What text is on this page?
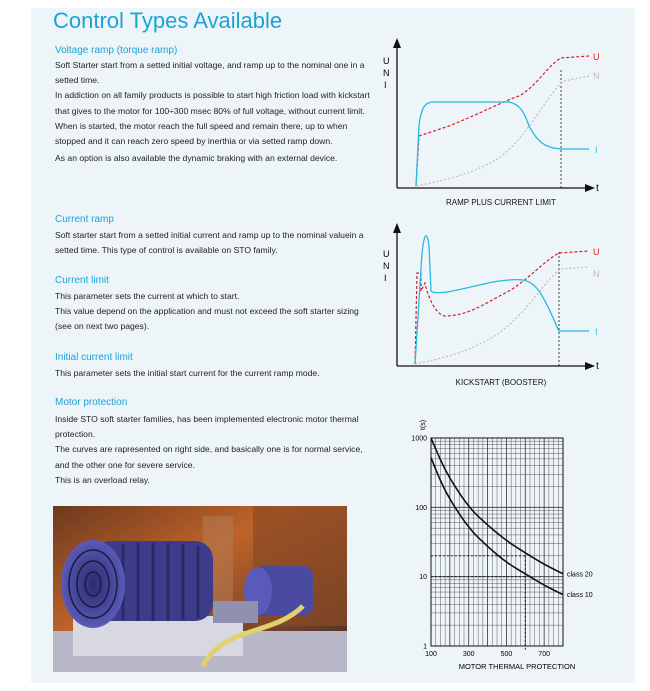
Control Types Available
Voltage ramp (torque ramp)

Soft Starter start from a setted initial voltage, and ramp up to the nominal one in a setted time.

In addiction on all family products is possible to start high friction load with kickstart that gives to the motor for 100÷300 msec 80% of full voltage, without current limit.

When is started, the motor reach the full speed and remain there, up to when stopped and it can reach zero speed by inerthia or via setted ramp down.

As an option is also available the dynamic braking with an external device.

Current ramp

Soft starter start from a setted initial current and ramp up to the nominal valuein a setted time. This type of control is available on STO family.

Current limit

This parameter sets the current at which to start.

This value depend on the application and must not exceed the soft starter sizing (see on next two pages).

Initial current limit

This parameter sets the initial start current for the current ramp mode.

Motor protection

Inside STO soft starter families, has been implemented electronic motor thermal protection.

The curves are rapresented on right side, and basically one is for normal service, and the other one for severe service.

This is an overload relay.

U
N
I
t
U
N
I
RAMP PLUS CURRENT LIMIT
U
N
I
t
U
N
I
KICKSTART (BOOSTER)
100	300	500	700
1
10
100
1000
class 20
class 10
t(s)
MOTOR THERMAL PROTECTION
